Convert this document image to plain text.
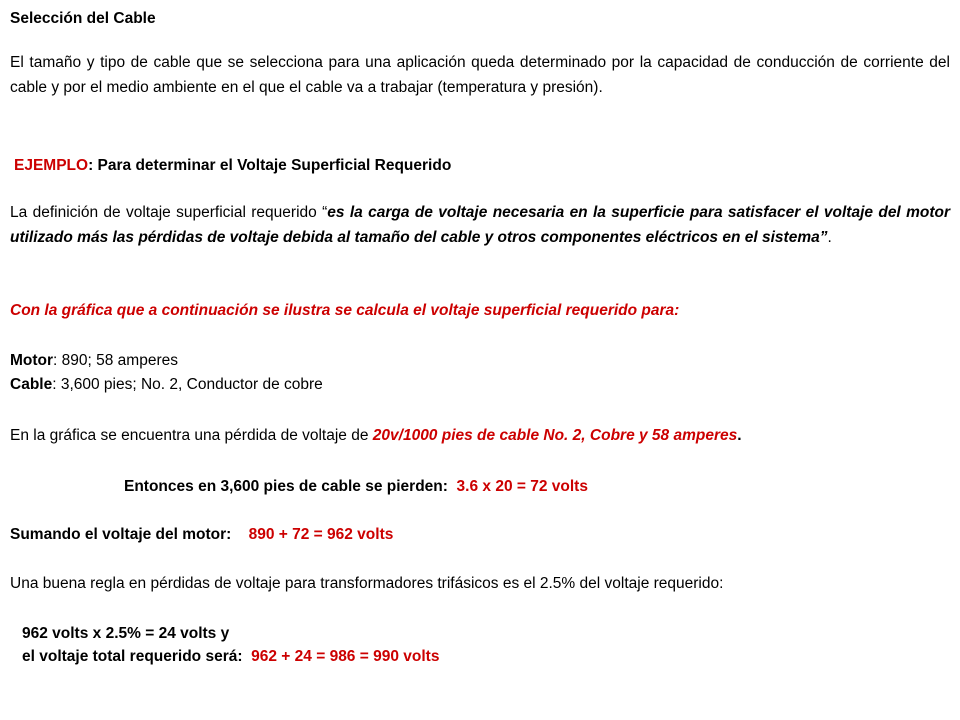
Selección del Cable
El tamaño y tipo de cable que se selecciona para una aplicación queda determinado por la capacidad de conducción de corriente del cable y por el medio ambiente en el que el cable va a trabajar (temperatura y presión).
EJEMPLO: Para determinar el Voltaje Superficial Requerido
La definición de voltaje superficial requerido “es la carga de voltaje necesaria en la superficie para satisfacer el voltaje del motor utilizado más las pérdidas de voltaje debida al tamaño del cable y otros componentes eléctricos en el sistema”.
Con la gráfica que a continuación se ilustra se calcula el voltaje superficial requerido para:
Motor: 890; 58 amperes
Cable: 3,600 pies; No. 2, Conductor de cobre
En la gráfica se encuentra una pérdida de voltaje de 20v/1000 pies de cable No. 2, Cobre y 58 amperes.
Entonces en 3,600 pies de cable se pierden: 3.6 x 20 = 72 volts
Sumando el voltaje del motor: 890 + 72 = 962 volts
Una buena regla en pérdidas de voltaje para transformadores trifásicos es el 2.5% del voltaje requerido:
962 volts x 2.5% = 24 volts y
el voltaje total requerido será: 962 + 24 = 986 = 990 volts
